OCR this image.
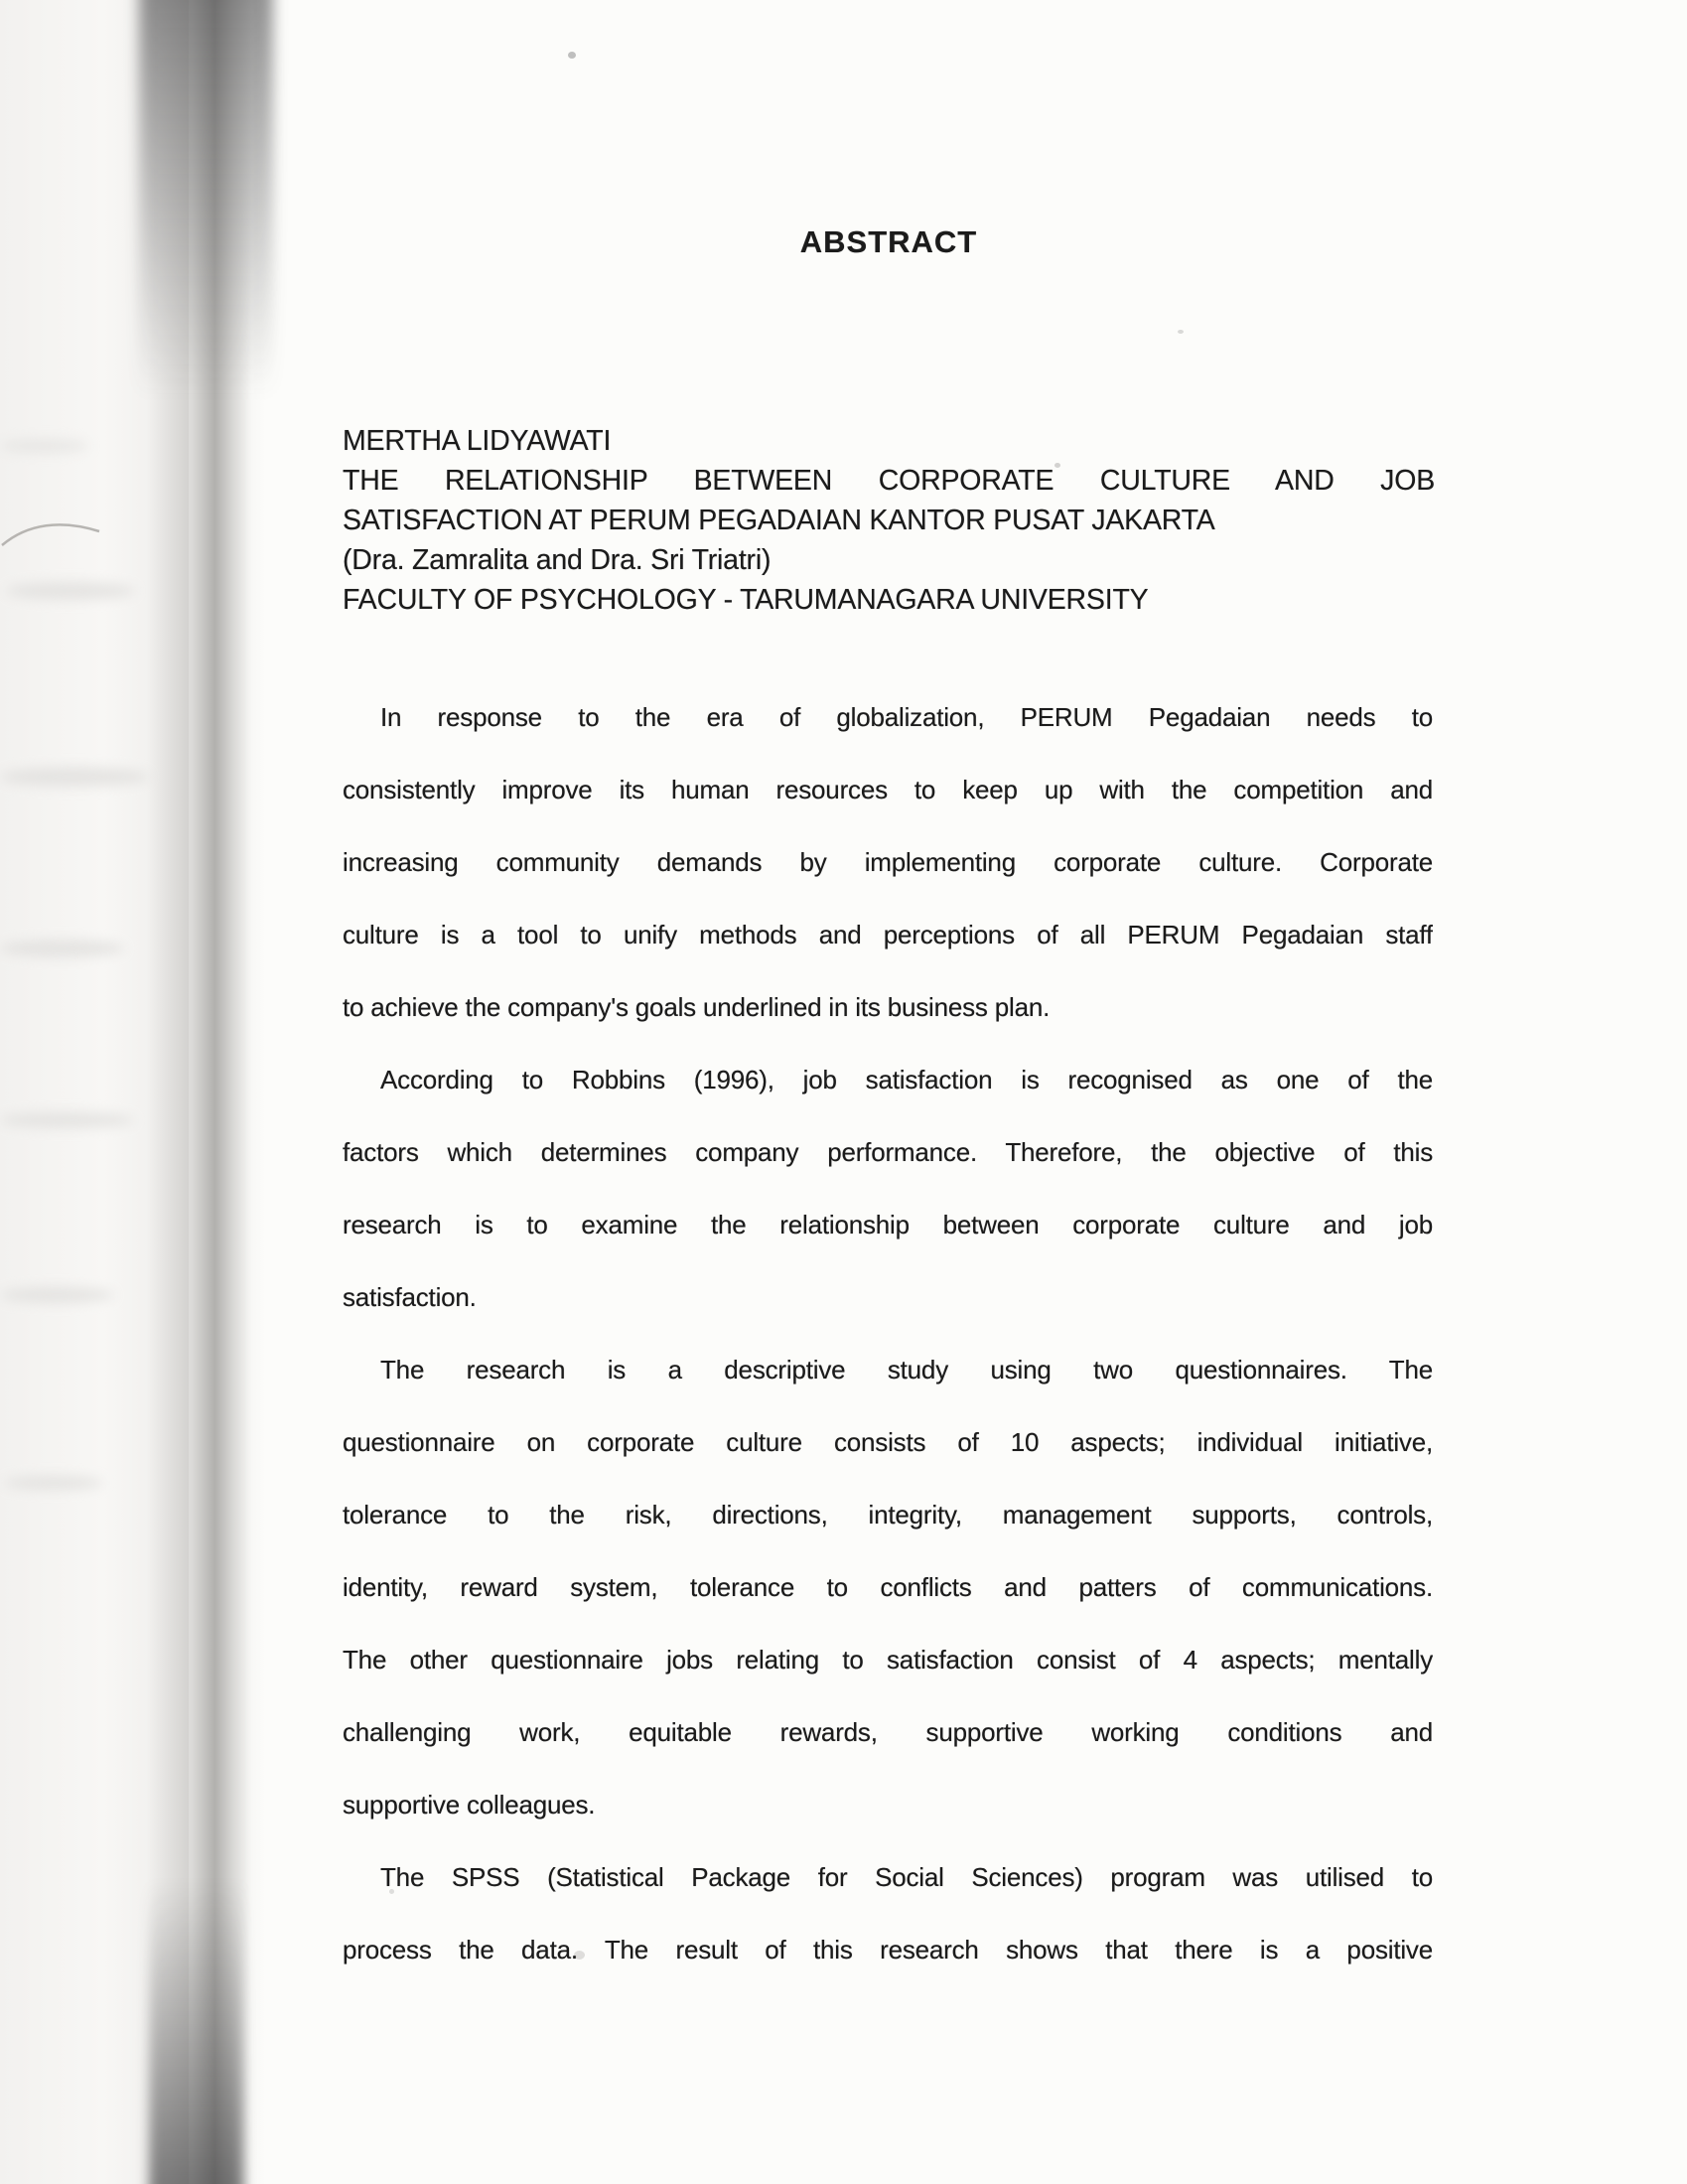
ABSTRACT
MERTHA LIDYAWATI
THE RELATIONSHIP BETWEEN CORPORATE CULTURE AND JOB
SATISFACTION AT PERUM PEGADAIAN KANTOR PUSAT JAKARTA
(Dra. Zamralita and Dra. Sri Triatri)
FACULTY OF PSYCHOLOGY - TARUMANAGARA UNIVERSITY
In response to the era of globalization, PERUM Pegadaian needs to
consistently improve its human resources to keep up with the competition and
increasing community demands by implementing corporate culture. Corporate
culture is a tool to unify methods and perceptions of all PERUM Pegadaian staff
to achieve the company's goals underlined in its business plan.
According to Robbins (1996), job satisfaction is recognised as one of the
factors which determines company performance. Therefore, the objective of this
research is to examine the relationship between corporate culture and job
satisfaction.
The research is a descriptive study using two questionnaires. The
questionnaire on corporate culture consists of 10 aspects; individual initiative,
tolerance to the risk, directions, integrity, management supports, controls,
identity, reward system, tolerance to conflicts and patters of communications.
The other questionnaire jobs relating to satisfaction consist of 4 aspects; mentally
challenging work, equitable rewards, supportive working conditions and
supportive colleagues.
The SPSS (Statistical Package for Social Sciences) program was utilised to
process the data. The result of this research shows that there is a positive
